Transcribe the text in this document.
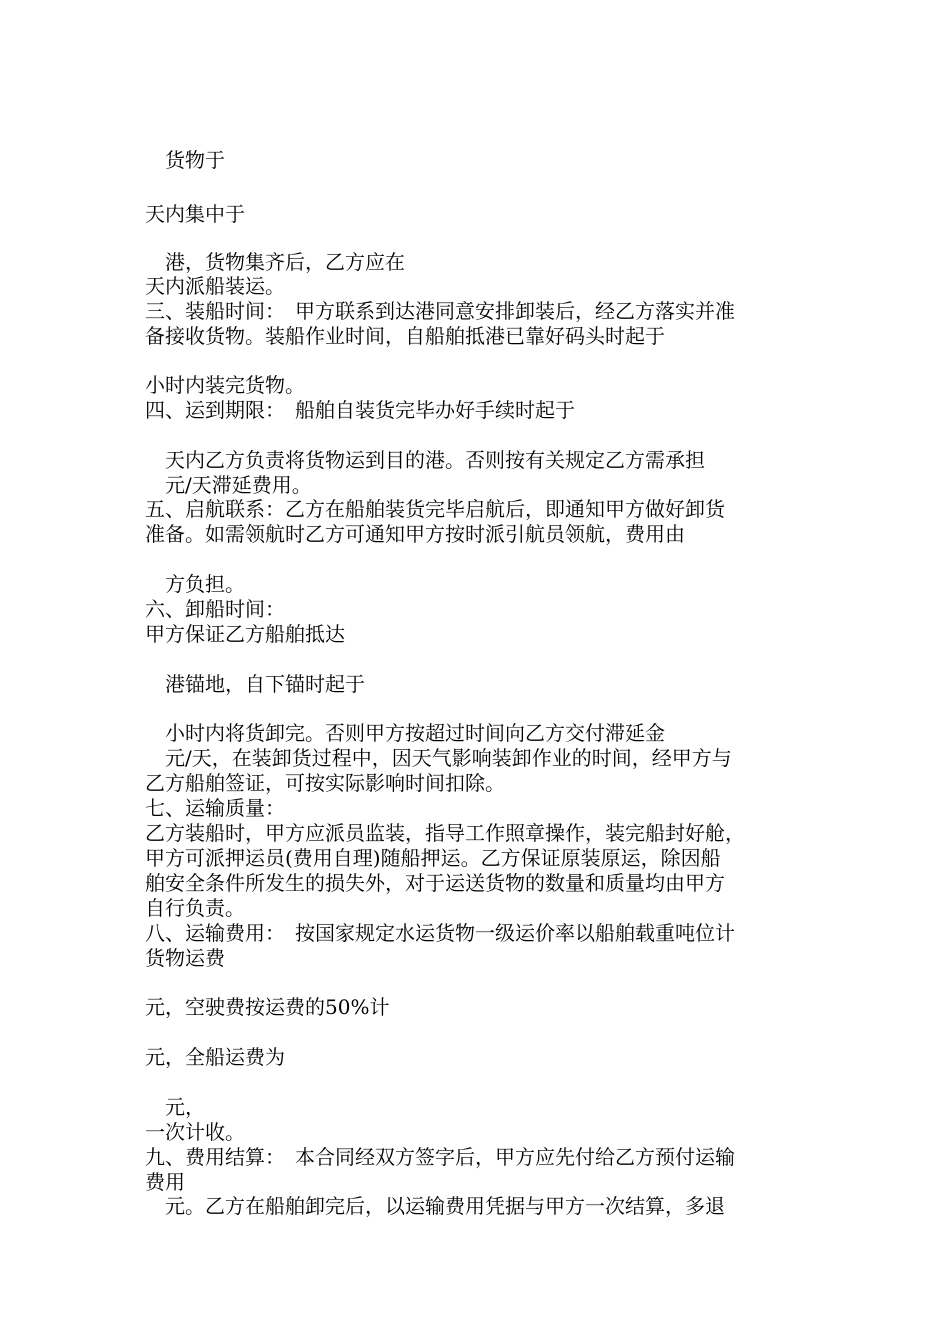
　货物于

天内集中于

　港，货物集齐后，乙方应在

天内派船装运。

三、装船时间：　甲方联系到达港同意安排卸装后，经乙方落实并准

备接收货物。装船作业时间，自船舶抵港已靠好码头时起于

小时内装完货物。

四、运到期限：　船舶自装货完毕办好手续时起于

　天内乙方负责将货物运到目的港。否则按有关规定乙方需承担

　元/天滞延费用。

五、启航联系：乙方在船舶装货完毕启航后，即通知甲方做好卸货

准备。如需领航时乙方可通知甲方按时派引航员领航，费用由

　方负担。

六、卸船时间：

甲方保证乙方船舶抵达

　港锚地，自下锚时起于

　小时内将货卸完。否则甲方按超过时间向乙方交付滞延金

　元/天，在装卸货过程中，因天气影响装卸作业的时间，经甲方与

乙方船舶签证，可按实际影响时间扣除。

七、运输质量：

乙方装船时，甲方应派员监装，指导工作照章操作，装完船封好舱，

甲方可派押运员(费用自理)随船押运。乙方保证原装原运，除因船

舶安全条件所发生的损失外，对于运送货物的数量和质量均由甲方

自行负责。

八、运输费用：　按国家规定水运货物一级运价率以船舶载重吨位计

货物运费

元，空驶费按运费的50%计

元，全船运费为

　元，

一次计收。

九、费用结算：　本合同经双方签字后，甲方应先付给乙方预付运输

费用

　元。乙方在船舶卸完后，以运输费用凭据与甲方一次结算，多退
